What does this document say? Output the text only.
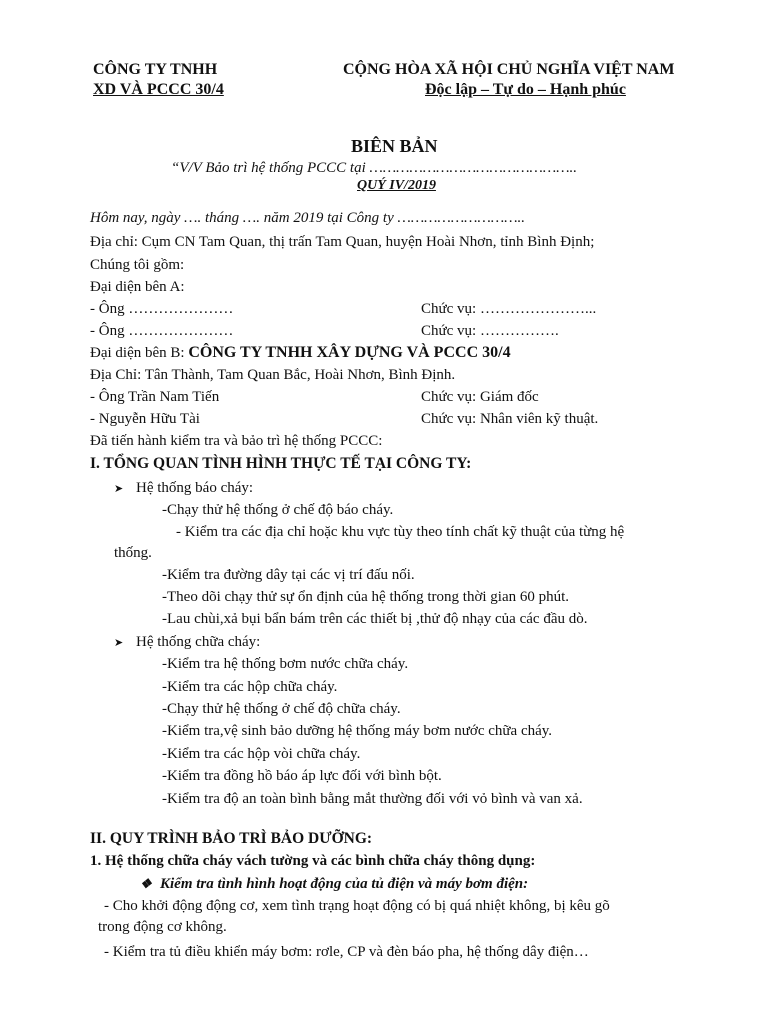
CÔNG TY TNHH
XD VÀ PCCC 30/4
CỘNG HÒA XÃ HỘI CHỦ NGHĨA VIỆT NAM
Độc lập – Tự do – Hạnh phúc
BIÊN BẢN
“V/V Bảo trì hệ thống PCCC tại ………………………………………..
QUÝ IV/2019
Hôm nay, ngày …. tháng …. năm 2019 tại Công ty ………………………..
Địa chỉ: Cụm CN Tam Quan, thị trấn Tam Quan, huyện Hoài Nhơn, tỉnh Bình Định;
Chúng tôi gồm:
Đại diện bên A:
- Ông …………………	Chức vụ: …………………...
- Ông …………………	Chức vụ: …………….
Đại diện bên B: CÔNG TY TNHH XÂY DỰNG VÀ PCCC 30/4
Địa Chỉ: Tân Thành, Tam Quan Bắc, Hoài Nhơn, Bình Định.
- Ông Trần Nam Tiến	Chức vụ: Giám đốc
- Nguyễn Hữu Tài	Chức vụ: Nhân viên kỹ thuật.
Đã tiến hành kiểm tra và bảo trì hệ thống PCCC:
I. TỔNG QUAN TÌNH HÌNH THỰC TẾ TẠI CÔNG TY:
➤ Hệ thống báo cháy:
-Chạy thử hệ thống ở chế độ báo cháy.
- Kiểm tra các địa chỉ hoặc khu vực tùy theo tính chất kỹ thuật của từng hệ
thống.
-Kiểm tra đường dây tại các vị trí đấu nối.
-Theo dõi chạy thử sự ổn định của hệ thống trong thời gian 60 phút.
-Lau chùi,xả bụi bẩn bám trên các thiết bị ,thử độ nhạy của các đầu dò.
➤ Hệ thống chữa cháy:
-Kiểm tra hệ thống bơm nước chữa cháy.
-Kiểm tra các hộp chữa cháy.
-Chạy thử hệ thống ở chế độ chữa cháy.
-Kiểm tra,vệ sinh bảo dưỡng hệ thống máy bơm nước chữa cháy.
-Kiểm tra các hộp vòi chữa cháy.
-Kiểm tra đồng hồ báo áp lực đối với bình bột.
-Kiểm tra độ an toàn bình bằng mắt thường đối với vỏ bình và van xả.
II. QUY TRÌNH BẢO TRÌ BẢO DƯỠNG:
1. Hệ thống chữa cháy vách tường và các bình chữa cháy thông dụng:
❖ Kiểm tra tình hình hoạt động của tủ điện và máy bơm điện:
- Cho khởi động động cơ, xem tình trạng hoạt động có bị quá nhiệt không, bị kêu gõ
trong động cơ không.
- Kiểm tra tủ điều khiển máy bơm: rơle, CP và đèn báo pha, hệ thống dây điện…
